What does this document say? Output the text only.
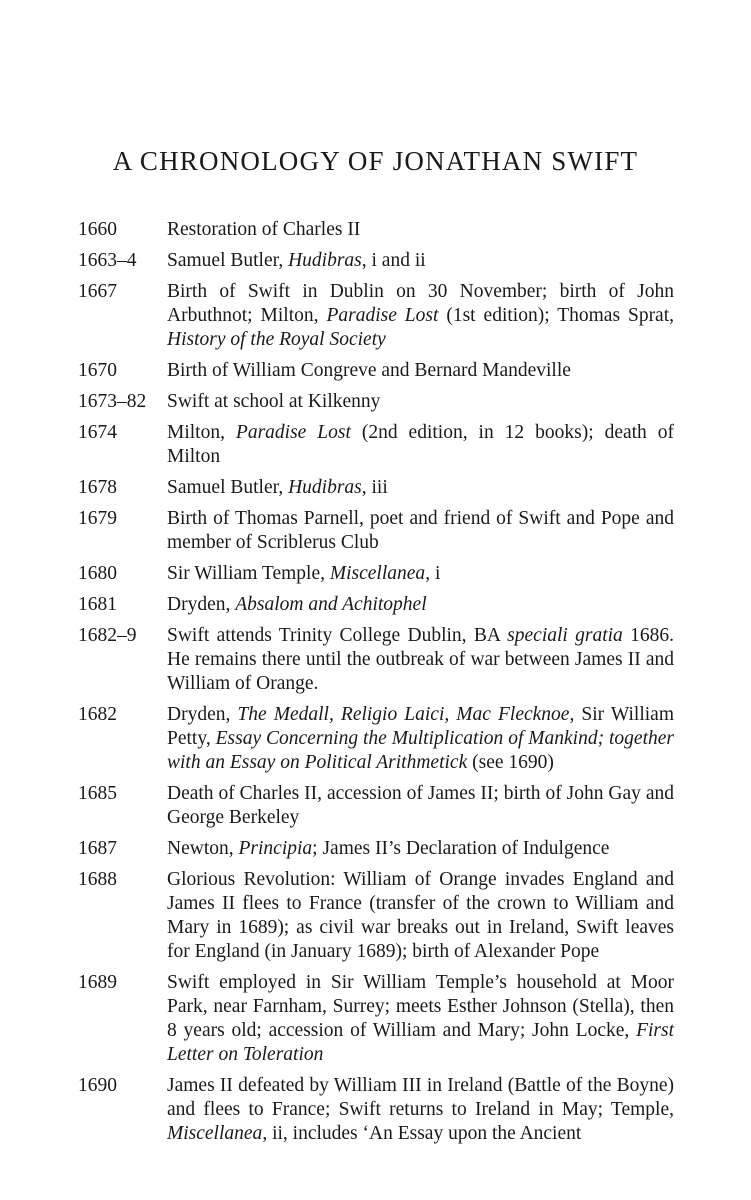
A CHRONOLOGY OF JONATHAN SWIFT
1660	Restoration of Charles II
1663–4	Samuel Butler, Hudibras, i and ii
1667	Birth of Swift in Dublin on 30 November; birth of John Arbuthnot; Milton, Paradise Lost (1st edition); Thomas Sprat, History of the Royal Society
1670	Birth of William Congreve and Bernard Mandeville
1673–82	Swift at school at Kilkenny
1674	Milton, Paradise Lost (2nd edition, in 12 books); death of Milton
1678	Samuel Butler, Hudibras, iii
1679	Birth of Thomas Parnell, poet and friend of Swift and Pope and member of Scriblerus Club
1680	Sir William Temple, Miscellanea, i
1681	Dryden, Absalom and Achitophel
1682–9	Swift attends Trinity College Dublin, BA speciali gratia 1686. He remains there until the outbreak of war between James II and William of Orange.
1682	Dryden, The Medall, Religio Laici, Mac Flecknoe, Sir William Petty, Essay Concerning the Multiplication of Mankind; together with an Essay on Political Arithmetick (see 1690)
1685	Death of Charles II, accession of James II; birth of John Gay and George Berkeley
1687	Newton, Principia; James II’s Declaration of Indulgence
1688	Glorious Revolution: William of Orange invades England and James II flees to France (transfer of the crown to William and Mary in 1689); as civil war breaks out in Ireland, Swift leaves for England (in January 1689); birth of Alexander Pope
1689	Swift employed in Sir William Temple’s household at Moor Park, near Farnham, Surrey; meets Esther Johnson (Stella), then 8 years old; accession of William and Mary; John Locke, First Letter on Toleration
1690	James II defeated by William III in Ireland (Battle of the Boyne) and flees to France; Swift returns to Ireland in May; Temple, Miscellanea, ii, includes ‘An Essay upon the Ancient
